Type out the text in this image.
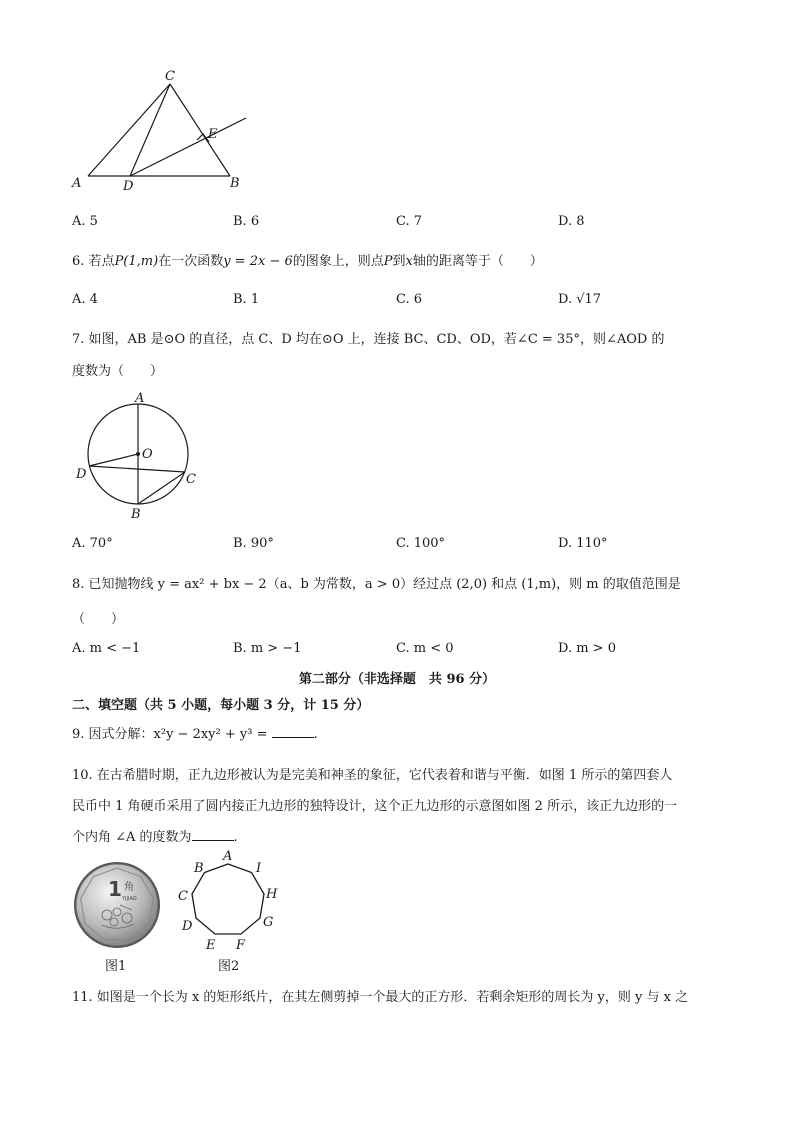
C
E
A	D	B
A. 5	B. 6	C. 7	D. 8
6. 若点P(1,m)在一次函数y = 2x − 6的图象上，则点P到x轴的距离等于（　　）
A. 4	B. 1	C. 6	D. √17
7. 如图，AB 是⊙O 的直径，点 C、D 均在⊙O 上，连接 BC、CD、OD，若∠C = 35°，则∠AOD 的
度数为（　　）
A
O
D	C
B
A. 70°	B. 90°	C. 100°	D. 110°
8. 已知抛物线 y = ax² + bx − 2（a、b 为常数，a > 0）经过点 (2,0) 和点 (1,m)，则 m 的取值范围是
（　　）
A. m < −1	B. m > −1	C. m < 0	D. m > 0
第二部分（非选择题　共 96 分）
二、填空题（共 5 小题，每小题 3 分，计 15 分）
9. 因式分解：x²y − 2xy² + y³ =	.
10. 在古希腊时期，正九边形被认为是完美和神圣的象征，它代表着和谐与平衡．如图 1 所示的第四套人
民币中 1 角硬币采用了圆内接正九边形的独特设计，这个正九边形的示意图如图 2 所示，该正九边形的一
个内角 ∠A 的度数为	.
1 角
YIJIAO
A
B	I
C	H
D	G
E F
图1	图2
11. 如图是一个长为 x 的矩形纸片，在其左侧剪掉一个最大的正方形．若剩余矩形的周长为 y，则 y 与 x 之
